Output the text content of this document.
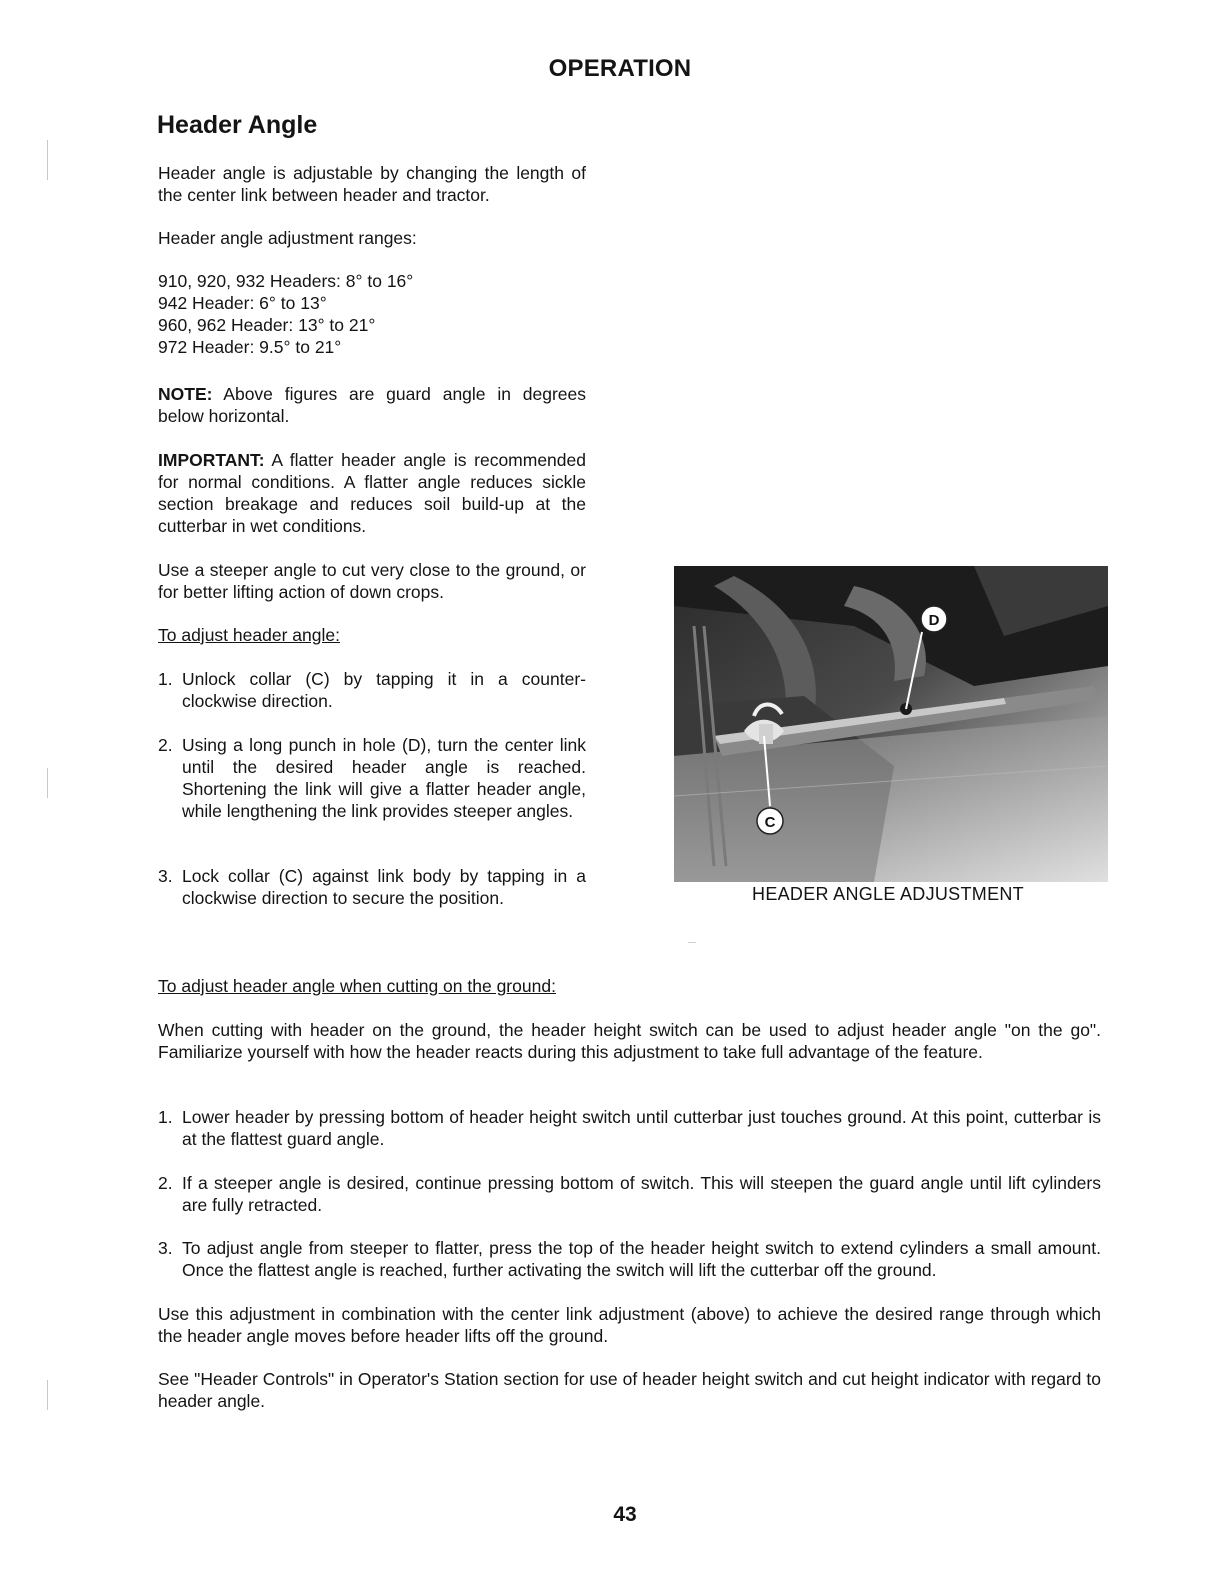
OPERATION
Header Angle
Header angle is adjustable by changing the length of the center link between header and tractor.
Header angle adjustment ranges:
910, 920, 932 Headers: 8° to 16°
942 Header: 6° to 13°
960, 962 Header: 13° to 21°
972 Header: 9.5° to 21°
NOTE: Above figures are guard angle in degrees below horizontal.
IMPORTANT: A flatter header angle is recommended for normal conditions. A flatter angle reduces sickle section breakage and reduces soil build-up at the cutterbar in wet conditions.
Use a steeper angle to cut very close to the ground, or for better lifting action of down crops.
To adjust header angle:
1. Unlock collar (C) by tapping it in a counter-clockwise direction.
2. Using a long punch in hole (D), turn the center link until the desired header angle is reached. Shortening the link will give a flatter header angle, while lengthening the link provides steeper angles.
3. Lock collar (C) against link body by tapping in a clockwise direction to secure the position.
D
C
HEADER ANGLE ADJUSTMENT
To adjust header angle when cutting on the ground:
When cutting with header on the ground, the header height switch can be used to adjust header angle "on the go". Familiarize yourself with how the header reacts during this adjustment to take full advantage of the feature.
1. Lower header by pressing bottom of header height switch until cutterbar just touches ground. At this point, cutterbar is at the flattest guard angle.
2. If a steeper angle is desired, continue pressing bottom of switch. This will steepen the guard angle until lift cylinders are fully retracted.
3. To adjust angle from steeper to flatter, press the top of the header height switch to extend cylinders a small amount. Once the flattest angle is reached, further activating the switch will lift the cutterbar off the ground.
Use this adjustment in combination with the center link adjustment (above) to achieve the desired range through which the header angle moves before header lifts off the ground.
See "Header Controls" in Operator's Station section for use of header height switch and cut height indicator with regard to header angle.
43
